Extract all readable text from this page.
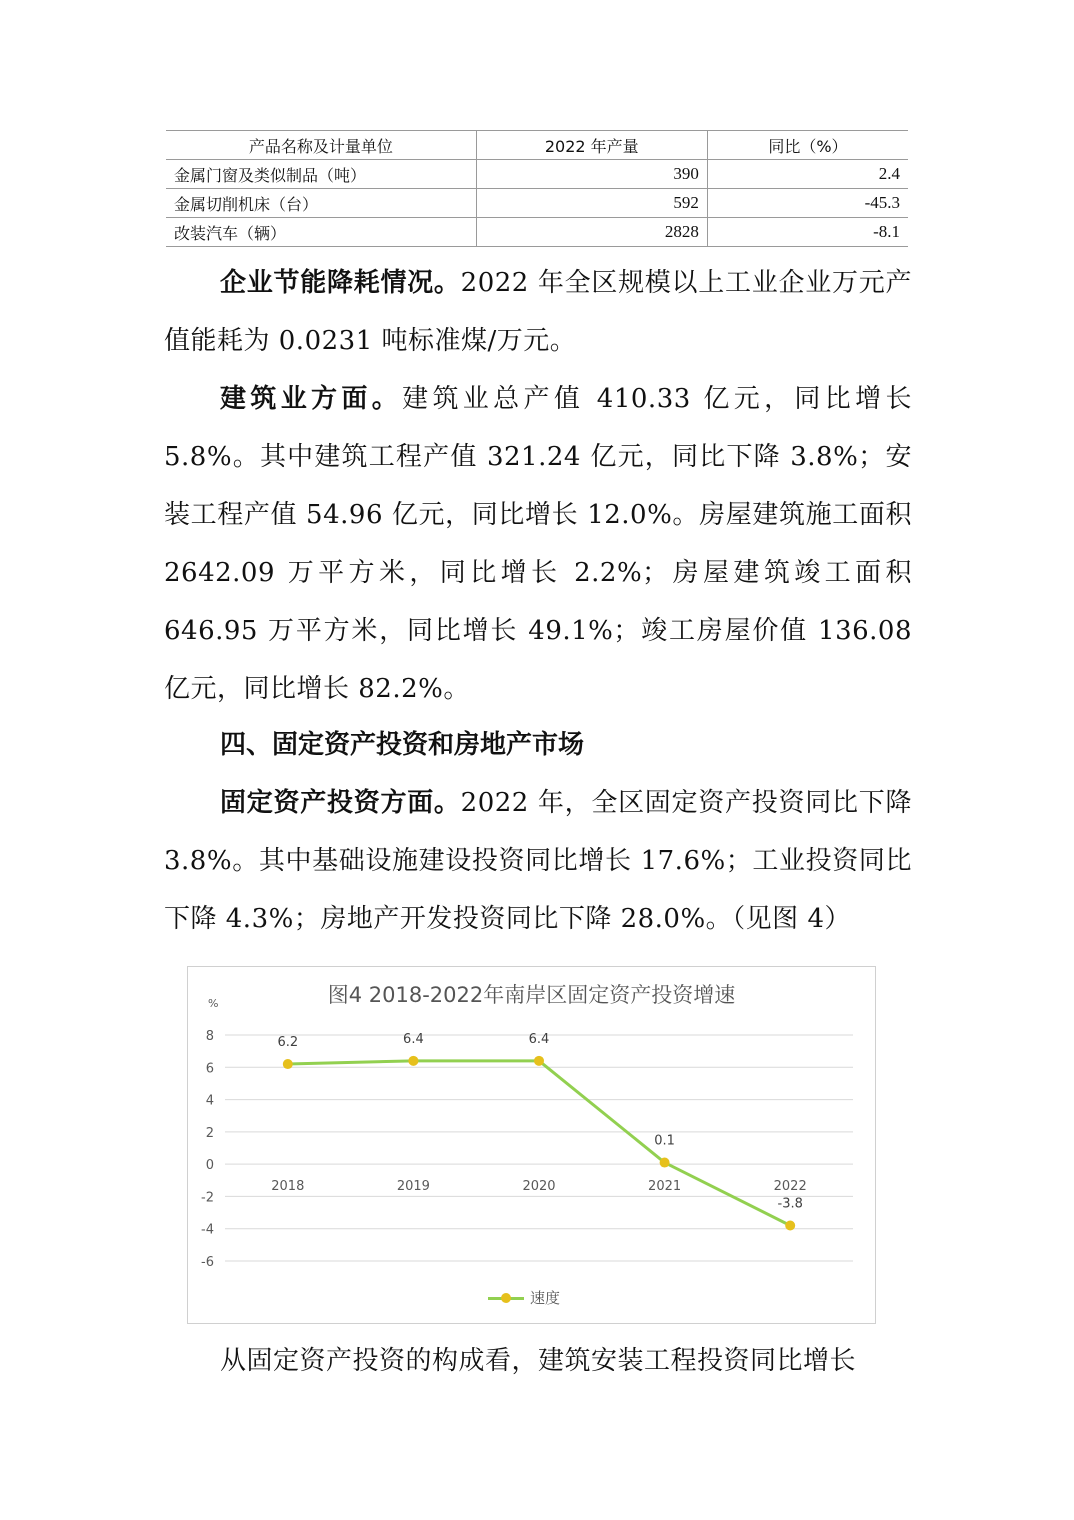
产品名称及计量单位	2022 年产量	同比（%）
金属门窗及类似制品（吨）	390	2.4
金属切削机床（台）	592	-45.3
改装汽车（辆）	2828	-8.1

企业节能降耗情况。2022 年全区规模以上工业企业万元产值能耗为 0.0231 吨标准煤/万元。

建筑业方面。建筑业总产值 410.33 亿元，同比增长 5.8%。其中建筑工程产值 321.24 亿元，同比下降 3.8%；安装工程产值 54.96 亿元，同比增长 12.0%。房屋建筑施工面积 2642.09 万平方米，同比增长 2.2%；房屋建筑竣工面积 646.95 万平方米，同比增长 49.1%；竣工房屋价值 136.08 亿元，同比增长 82.2%。

四、固定资产投资和房地产市场

固定资产投资方面。2022 年，全区固定资产投资同比下降 3.8%。其中基础设施建设投资同比增长 17.6%；工业投资同比下降 4.3%；房地产开发投资同比下降 28.0%。（见图 4）

图4 2018-2022年南岸区固定资产投资增速
%
8
6
4
2
0
-2
-4
-6
2018	2019	2020	2021	2022
6.2	6.4	6.4
0.1
-3.8
速度

从固定资产投资的构成看，建筑安装工程投资同比增长
